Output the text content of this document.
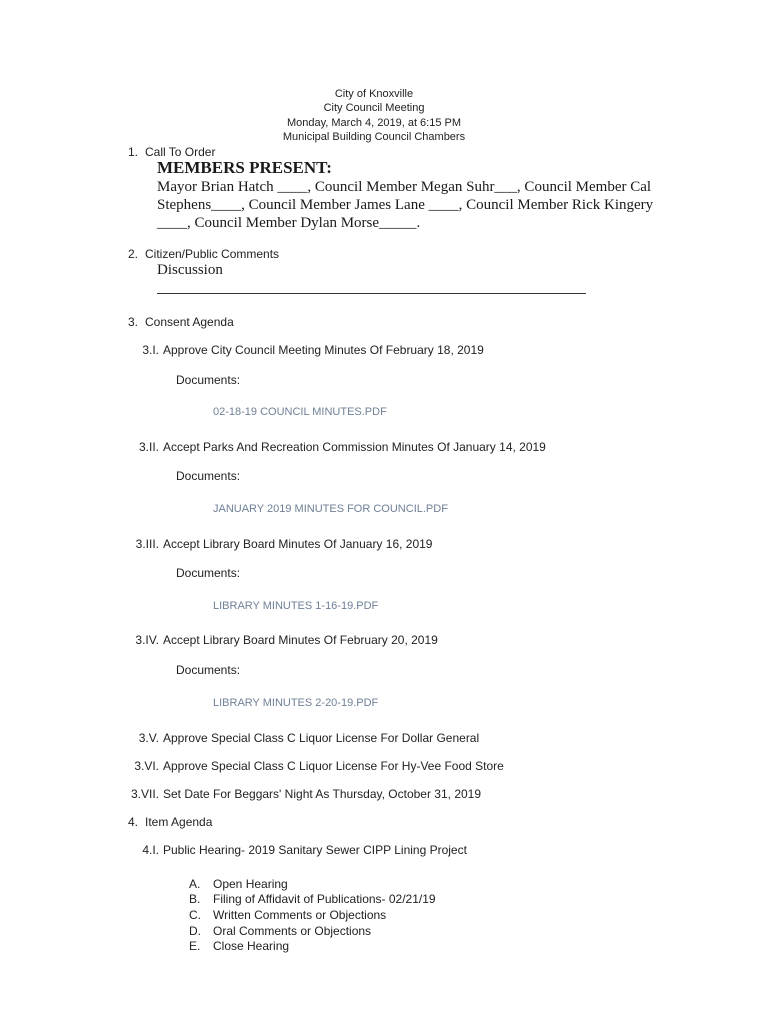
City of Knoxville
City Council Meeting
Monday, March 4, 2019, at 6:15 PM
Municipal Building Council Chambers
1. Call To Order
MEMBERS PRESENT:
Mayor Brian Hatch ____, Council Member Megan Suhr___, Council Member Cal
Stephens____, Council Member James Lane ____, Council Member Rick Kingery
____, Council Member Dylan Morse_____.
2. Citizen/Public Comments
Discussion
3. Consent Agenda
3.I. Approve City Council Meeting Minutes Of February 18, 2019
Documents:
02-18-19 COUNCIL MINUTES.PDF
3.II. Accept Parks And Recreation Commission Minutes Of January 14, 2019
Documents:
JANUARY 2019 MINUTES FOR COUNCIL.PDF
3.III. Accept Library Board Minutes Of January 16, 2019
Documents:
LIBRARY MINUTES 1-16-19.PDF
3.IV. Accept Library Board Minutes Of February 20, 2019
Documents:
LIBRARY MINUTES 2-20-19.PDF
3.V. Approve Special Class C Liquor License For Dollar General
3.VI. Approve Special Class C Liquor License For Hy-Vee Food Store
3.VII. Set Date For Beggars' Night As Thursday, October 31, 2019
4. Item Agenda
4.I. Public Hearing- 2019 Sanitary Sewer CIPP Lining Project
A. Open Hearing
B. Filing of Affidavit of Publications- 02/21/19
C. Written Comments or Objections
D. Oral Comments or Objections
E. Close Hearing
